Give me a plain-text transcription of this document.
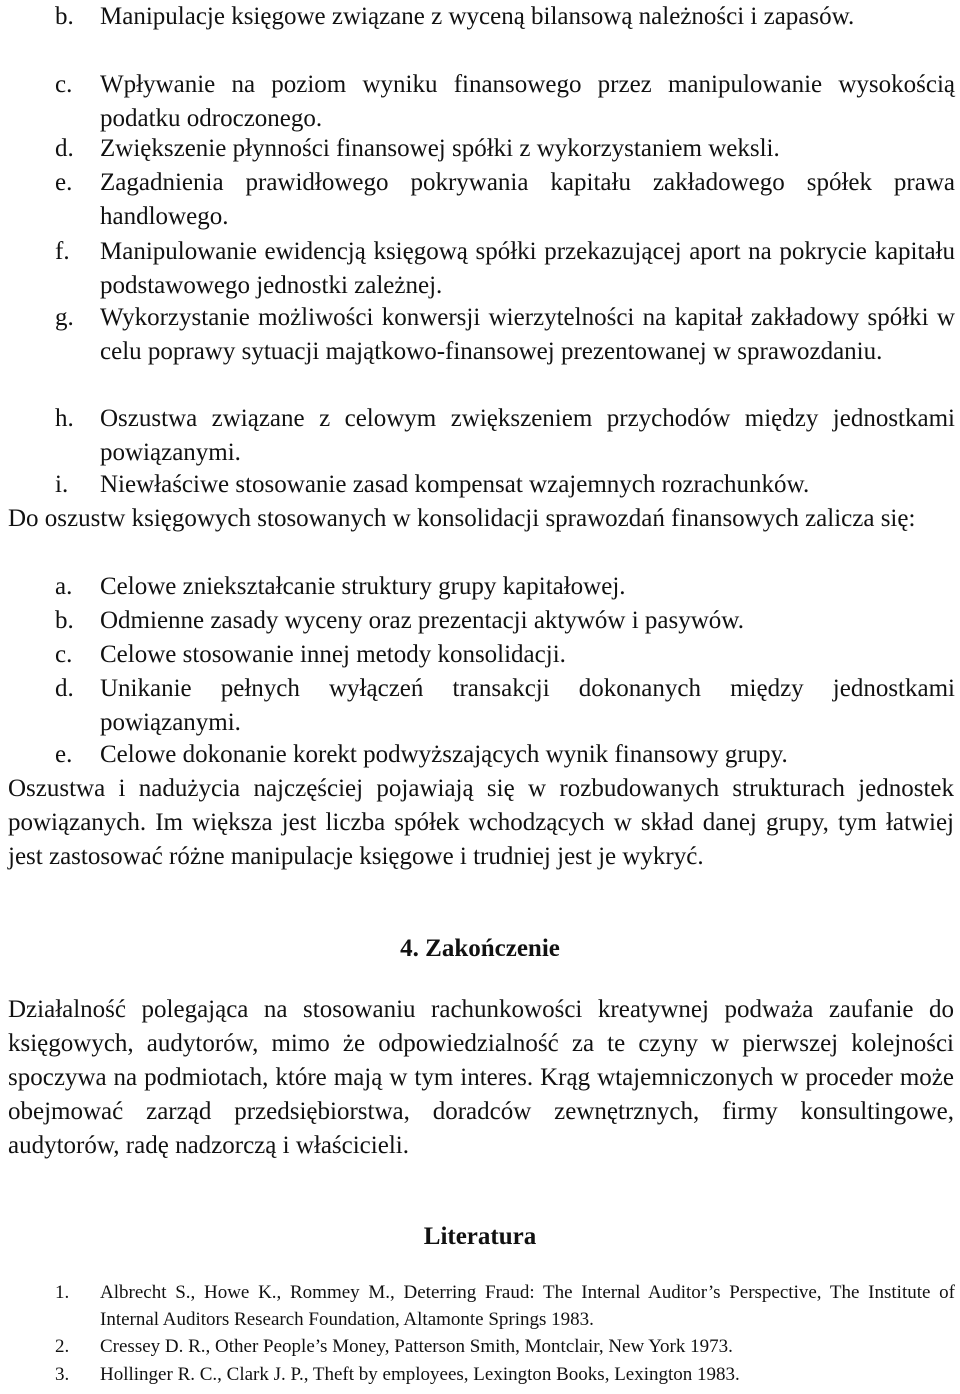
b. Manipulacje księgowe związane z wyceną bilansową należności i zapasów.
c. Wpływanie na poziom wyniku finansowego przez manipulowanie wysokością podatku odroczonego.
d. Zwiększenie płynności finansowej spółki z wykorzystaniem weksli.
e. Zagadnienia prawidłowego pokrywania kapitału zakładowego spółek prawa handlowego.
f. Manipulowanie ewidencją księgową spółki przekazującej aport na pokrycie kapitału podstawowego jednostki zależnej.
g. Wykorzystanie możliwości konwersji wierzytelności na kapitał zakładowy spółki w celu poprawy sytuacji majątkowo-finansowej prezentowanej w sprawozdaniu.
h. Oszustwa związane z celowym zwiększeniem przychodów między jednostkami powiązanymi.
i. Niewłaściwe stosowanie zasad kompensat wzajemnych rozrachunków.
Do oszustw księgowych stosowanych w konsolidacji sprawozdań finansowych zalicza się:
a. Celowe zniekształcanie struktury grupy kapitałowej.
b. Odmienne zasady wyceny oraz prezentacji aktywów i pasywów.
c. Celowe stosowanie innej metody konsolidacji.
d. Unikanie pełnych wyłączeń transakcji dokonanych między jednostkami powiązanymi.
e. Celowe dokonanie korekt podwyższających wynik finansowy grupy.
Oszustwa i nadużycia najczęściej pojawiają się w rozbudowanych strukturach jednostek powiązanych. Im większa jest liczba spółek wchodzących w skład danej grupy, tym łatwiej jest zastosować różne manipulacje księgowe i trudniej jest je wykryć.
4. Zakończenie
Działalność polegająca na stosowaniu rachunkowości kreatywnej podważa zaufanie do księgowych, audytorów, mimo że odpowiedzialność za te czyny w pierwszej kolejności spoczywa na podmiotach, które mają w tym interes. Krąg wtajemniczonych w proceder może obejmować zarząd przedsiębiorstwa, doradców zewnętrznych, firmy konsultingowe, audytorów, radę nadzorczą i właścicieli.
Literatura
1. Albrecht S., Howe K., Rommey M., Deterring Fraud: The Internal Auditor’s Perspective, The Institute of Internal Auditors Research Foundation, Altamonte Springs 1983.
2. Cressey D. R., Other People’s Money, Patterson Smith, Montclair, New York 1973.
3. Hollinger R. C., Clark J. P., Theft by employees, Lexington Books, Lexington 1983.
